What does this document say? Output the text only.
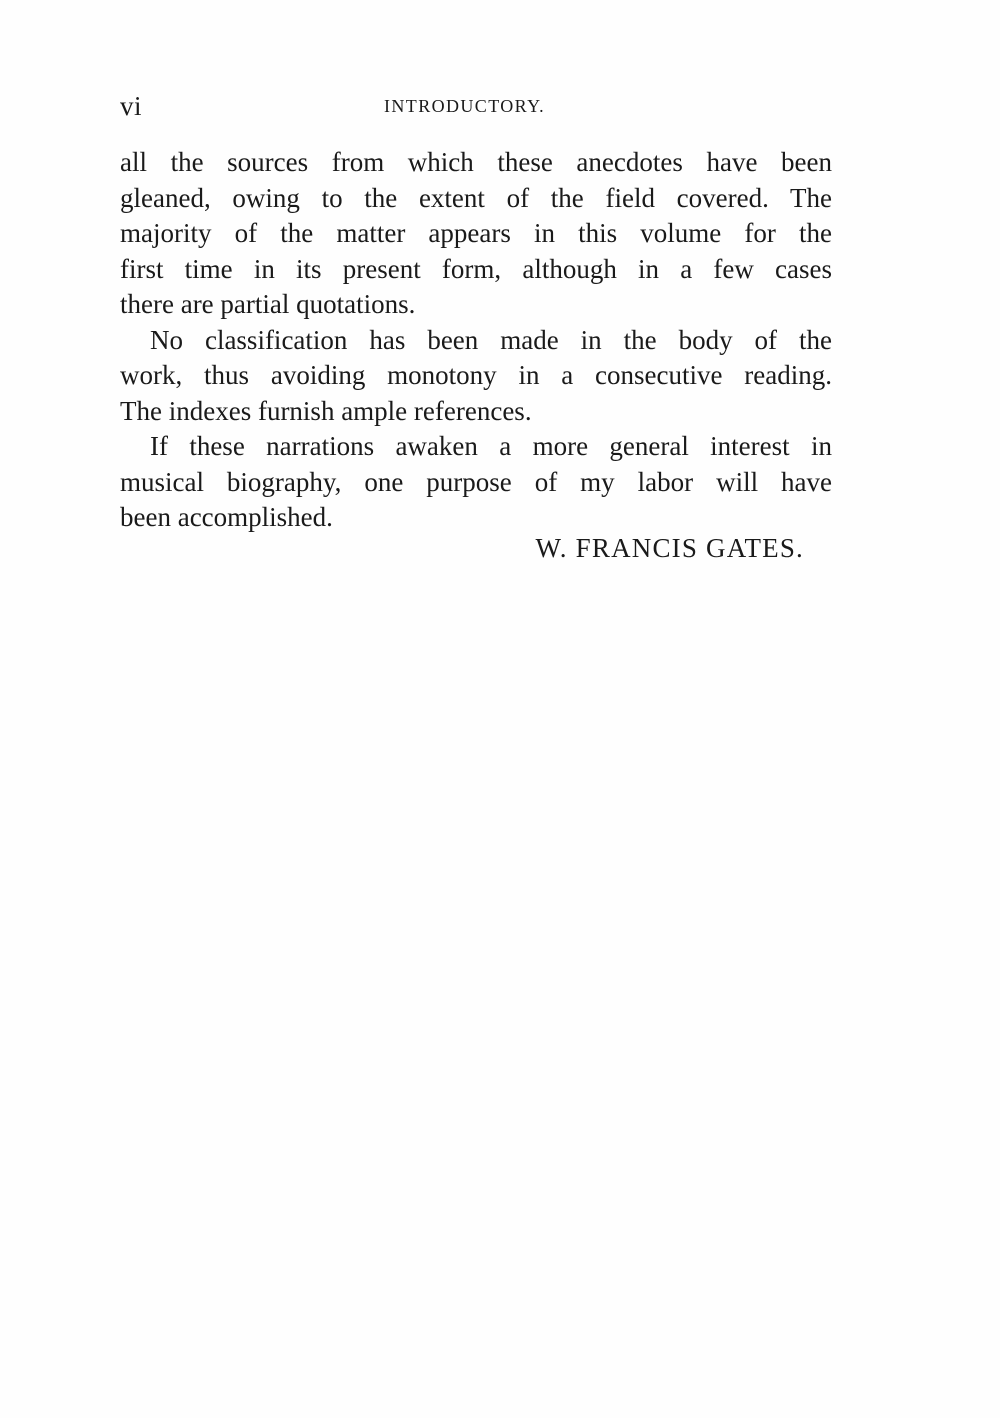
vi	INTRODUCTORY.
all the sources from which these anecdotes have been
gleaned, owing to the extent of the field covered. The
majority of the matter appears in this volume for the
first time in its present form, although in a few cases
there are partial quotations.
No classification has been made in the body of the
work, thus avoiding monotony in a consecutive reading.
The indexes furnish ample references.
If these narrations awaken a more general interest in
musical biography, one purpose of my labor will have
been accomplished.
W. FRANCIS GATES.
